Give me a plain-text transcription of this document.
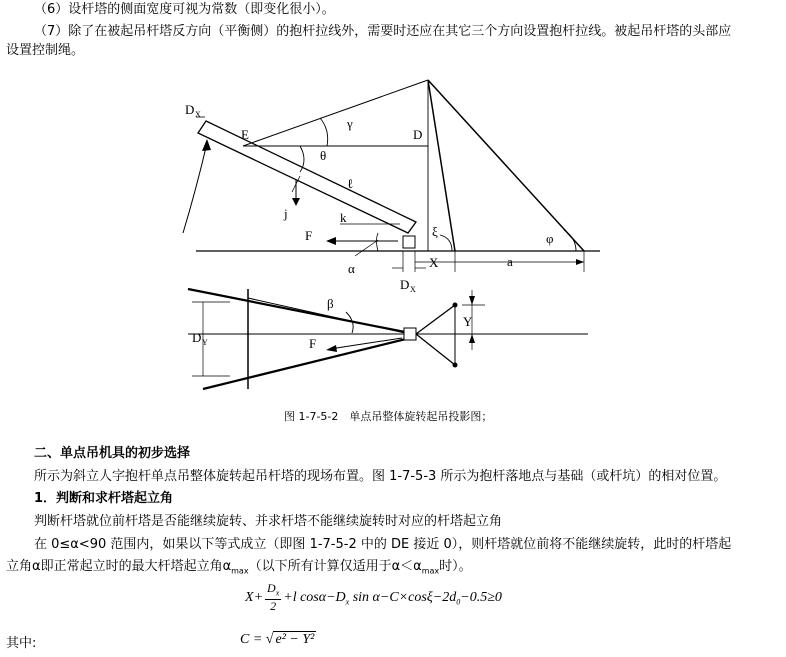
（6）设杆塔的侧面宽度可视为常数（即变化很小）。
（7）除了在被起吊杆塔反方向（平衡侧）的抱杆拉线外，需要时还应在其它三个方向设置抱杆拉线。被起吊杆塔的头部应
设置控制绳。
D X
E	D
γ
θ
ℓ
j	k
F
α
ξ
X	a
φ
D X
β
D Y	F
Y
图 1-7-5-2　单点吊整体旋转起吊投影图；
二、单点吊机具的初步选择
所示为斜立人字抱杆单点吊整体旋转起吊杆塔的现场布置。图 1-7-5-3 所示为抱杆落地点与基础（或杆坑）的相对位置。
1．判断和求杆塔起立角
判断杆塔就位前杆塔是否能继续旋转、并求杆塔不能继续旋转时对应的杆塔起立角
在 0≤α<90 范围内，如果以下等式成立（即图 1-7-5-2 中的 DE 接近 0），则杆塔就位前将不能继续旋转，此时的杆塔起
立角α即正常起立时的最大杆塔起立角$\alpha_{max}$（以下所有计算仅适用于$\alpha<\alpha_{max}$时）。
$X+ \frac{D_x}{2} +l$ $\cos\alpha-D_x$ $\sin \alpha-C\times\cos\xi-2d_0-0.5\ge 0$
其中:	C = √ e² − Y²
